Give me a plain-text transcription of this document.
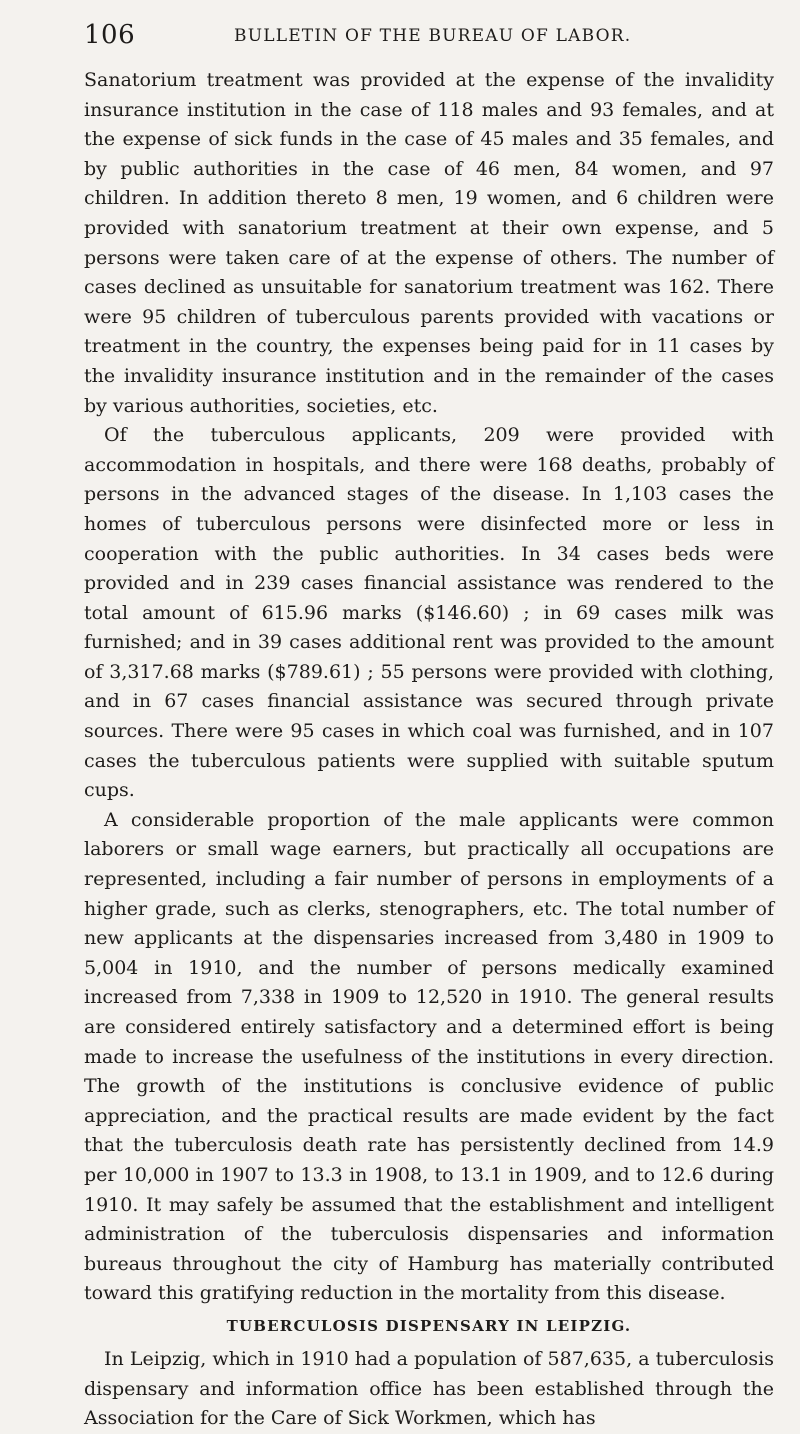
106	BULLETIN OF THE BUREAU OF LABOR.

Sanatorium treatment was provided at the expense of the invalidity insurance institution in the case of 118 males and 93 females, and at the expense of sick funds in the case of 45 males and 35 females, and by public authorities in the case of 46 men, 84 women, and 97 children. In addition thereto 8 men, 19 women, and 6 children were provided with sanatorium treatment at their own expense, and 5 persons were taken care of at the expense of others. The number of cases declined as unsuitable for sanatorium treatment was 162. There were 95 children of tuberculous parents provided with vacations or treatment in the country, the expenses being paid for in 11 cases by the invalidity insurance institution and in the remainder of the cases by various authorities, societies, etc.

Of the tuberculous applicants, 209 were provided with accommodation in hospitals, and there were 168 deaths, probably of persons in the advanced stages of the disease. In 1,103 cases the homes of tuberculous persons were disinfected more or less in cooperation with the public authorities. In 34 cases beds were provided and in 239 cases financial assistance was rendered to the total amount of 615.96 marks ($146.60) ; in 69 cases milk was furnished; and in 39 cases additional rent was provided to the amount of 3,317.68 marks ($789.61) ; 55 persons were provided with clothing, and in 67 cases financial assistance was secured through private sources. There were 95 cases in which coal was furnished, and in 107 cases the tuberculous patients were supplied with suitable sputum cups.

A considerable proportion of the male applicants were common laborers or small wage earners, but practically all occupations are represented, including a fair number of persons in employments of a higher grade, such as clerks, stenographers, etc. The total number of new applicants at the dispensaries increased from 3,480 in 1909 to 5,004 in 1910, and the number of persons medically examined increased from 7,338 in 1909 to 12,520 in 1910. The general results are considered entirely satisfactory and a determined effort is being made to increase the usefulness of the institutions in every direction. The growth of the institutions is conclusive evidence of public appreciation, and the practical results are made evident by the fact that the tuberculosis death rate has persistently declined from 14.9 per 10,000 in 1907 to 13.3 in 1908, to 13.1 in 1909, and to 12.6 during 1910. It may safely be assumed that the establishment and intelligent administration of the tuberculosis dispensaries and information bureaus throughout the city of Hamburg has materially contributed toward this gratifying reduction in the mortality from this disease.

TUBERCULOSIS DISPENSARY IN LEIPZIG.

In Leipzig, which in 1910 had a population of 587,635, a tuberculosis dispensary and information office has been established through the Association for the Care of Sick Workmen, which has
